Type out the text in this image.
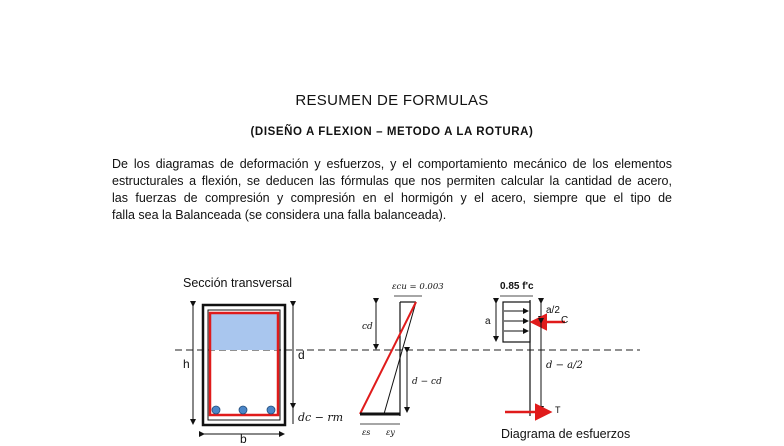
RESUMEN DE FORMULAS
(DISEÑO A FLEXION – METODO A LA ROTURA)
De los diagramas de deformación y esfuerzos, y el comportamiento mecánico de los elementos
estructurales a flexión, se deducen las fórmulas que nos permiten calcular la cantidad de acero,
las fuerzas de compresión y compresión en el hormigón y el acero, siempre que el tipo de
falla sea la Balanceada (se considera una falla balanceada).
Sección transversal
h
b
d
dc − rm
εcu = 0.003
cd
d − cd
εs εy
0.85 f'c
a
a/2
C
d − a/2
T
Diagrama de esfuerzos
